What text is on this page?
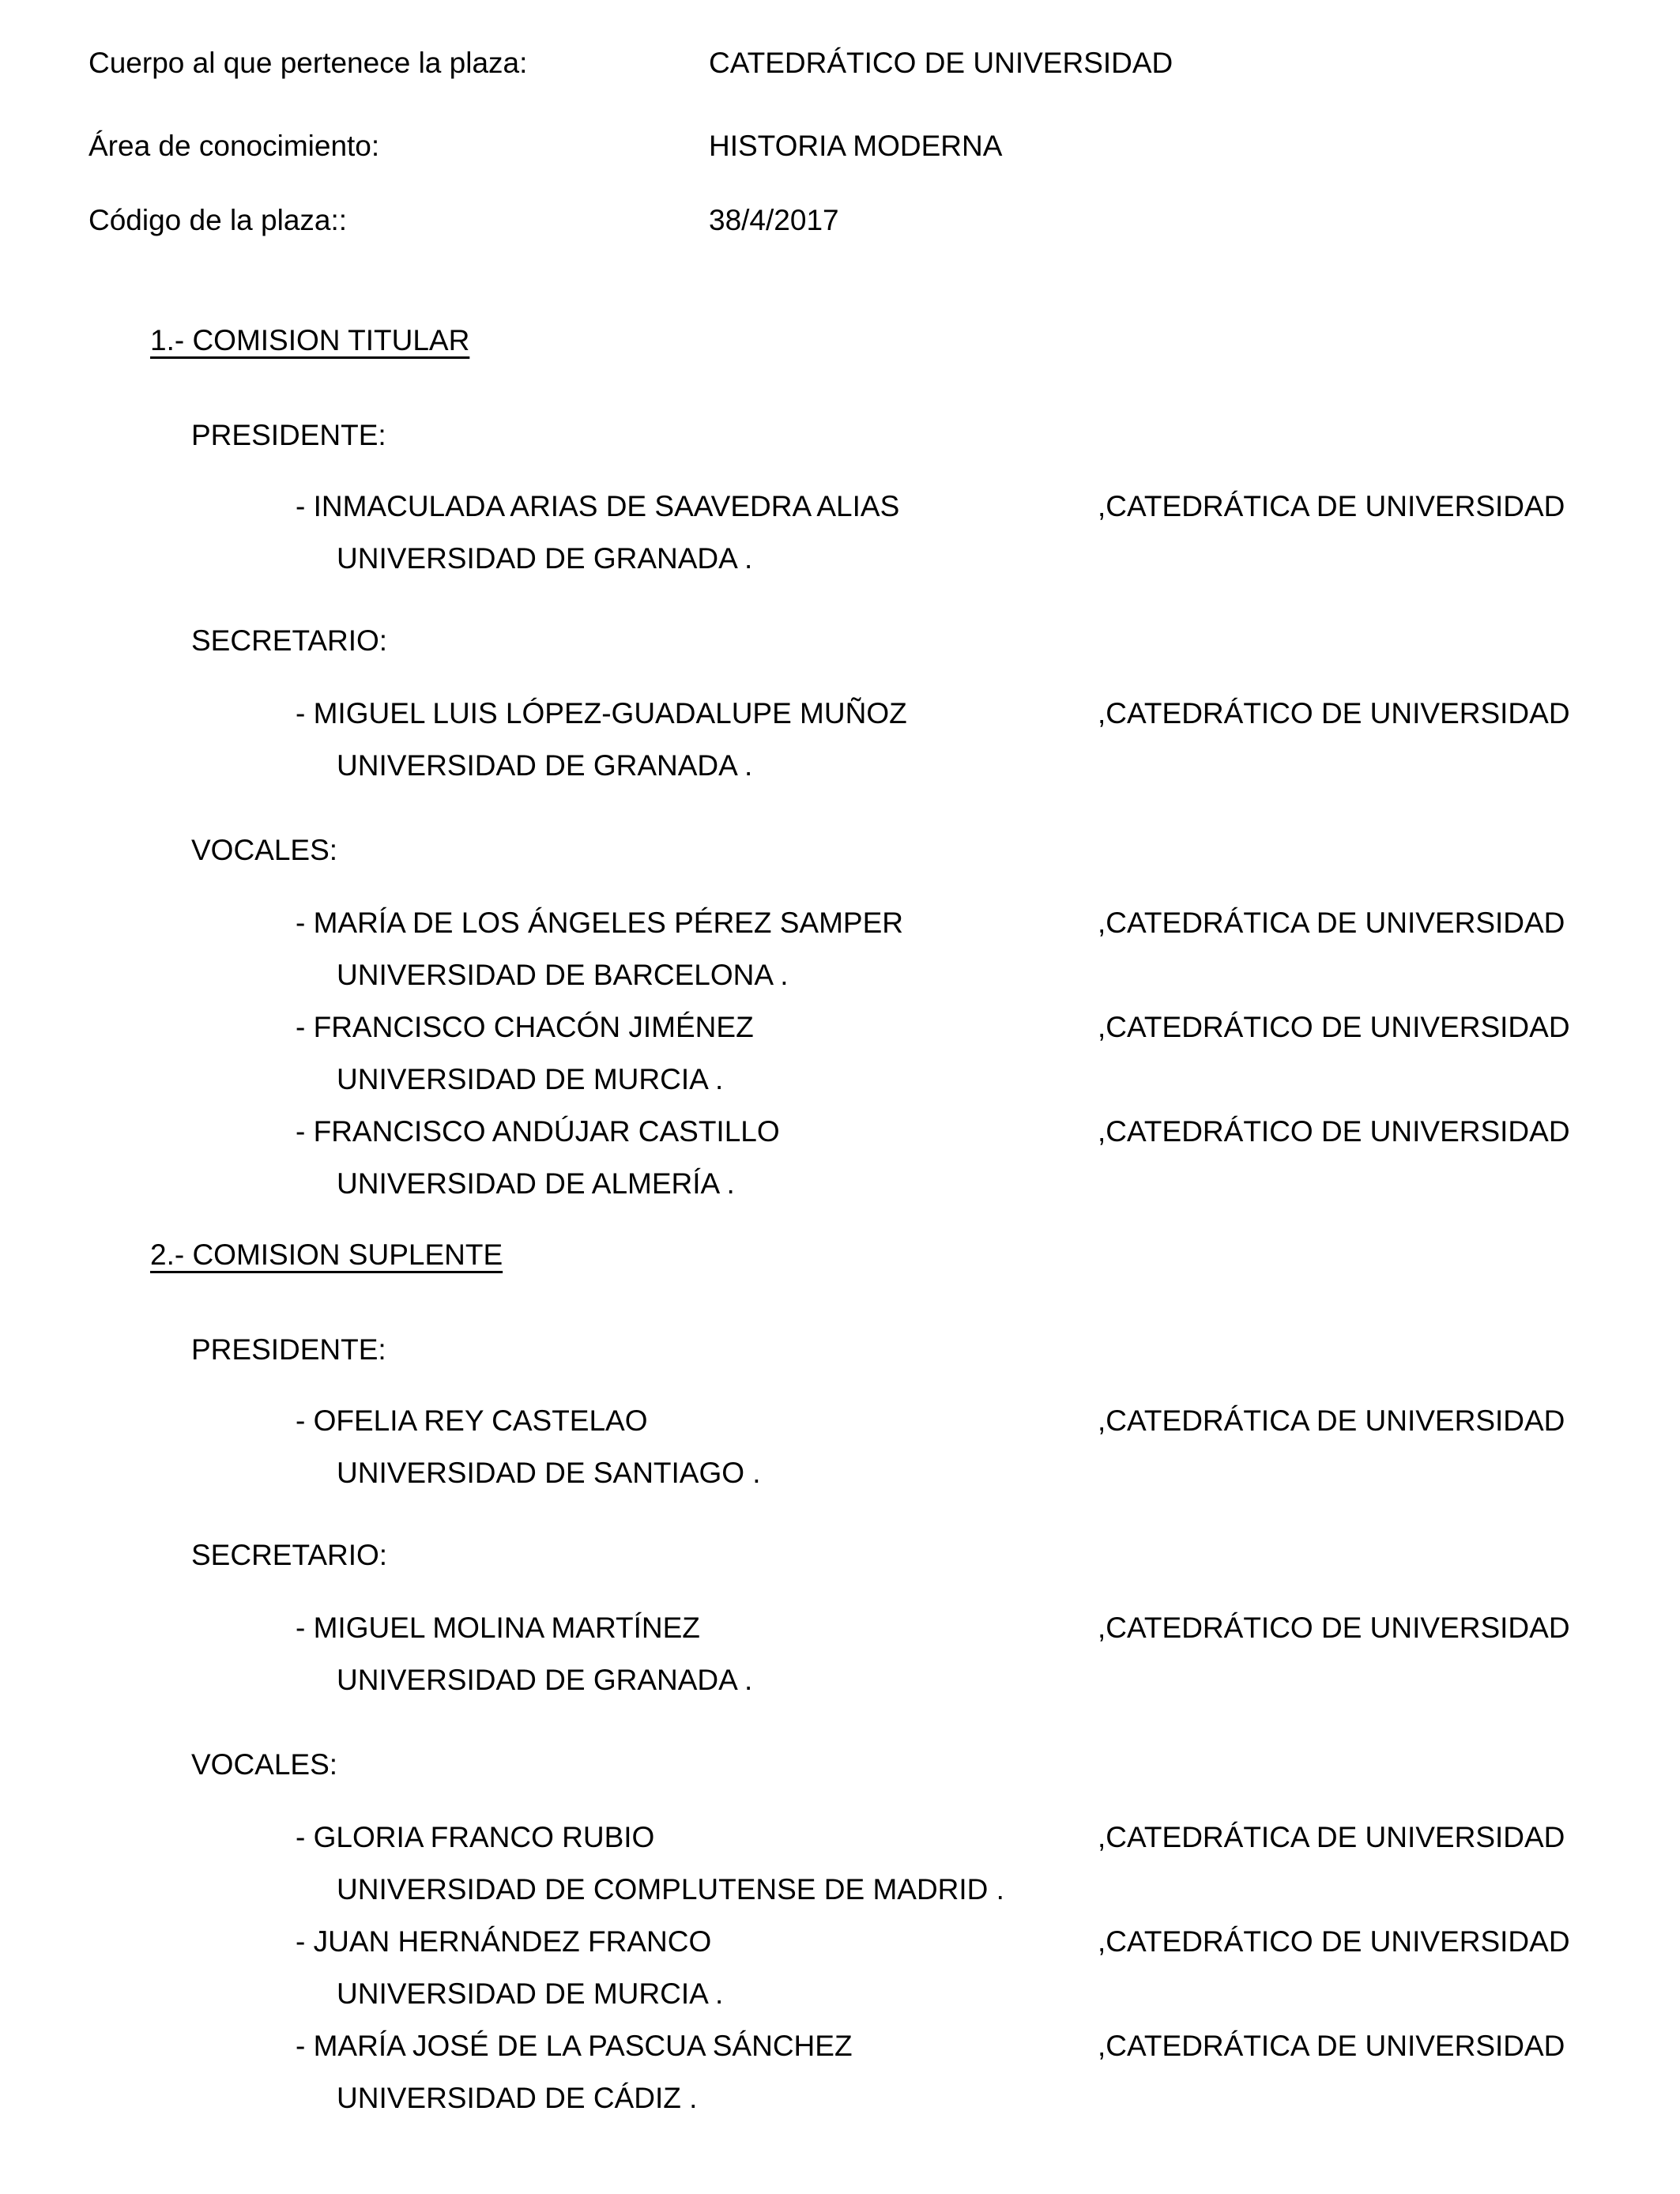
Cuerpo al que pertenece la plaza:	CATEDRÁTICO DE UNIVERSIDAD
Área de conocimiento:	HISTORIA MODERNA
Código de la plaza::	38/4/2017
1.- COMISION TITULAR
PRESIDENTE:
- INMACULADA ARIAS DE SAAVEDRA ALIAS	,CATEDRÁTICA DE UNIVERSIDAD
UNIVERSIDAD DE GRANADA .
SECRETARIO:
- MIGUEL LUIS LÓPEZ-GUADALUPE MUÑOZ	,CATEDRÁTICO DE UNIVERSIDAD
UNIVERSIDAD DE GRANADA .
VOCALES:
- MARÍA DE LOS ÁNGELES PÉREZ SAMPER	,CATEDRÁTICA DE UNIVERSIDAD
UNIVERSIDAD DE BARCELONA .
- FRANCISCO CHACÓN JIMÉNEZ	,CATEDRÁTICO DE UNIVERSIDAD
UNIVERSIDAD DE MURCIA .
- FRANCISCO ANDÚJAR CASTILLO	,CATEDRÁTICO DE UNIVERSIDAD
UNIVERSIDAD DE ALMERÍA .
2.- COMISION SUPLENTE
PRESIDENTE:
- OFELIA REY CASTELAO	,CATEDRÁTICA DE UNIVERSIDAD
UNIVERSIDAD DE SANTIAGO .
SECRETARIO:
- MIGUEL MOLINA MARTÍNEZ	,CATEDRÁTICO DE UNIVERSIDAD
UNIVERSIDAD DE GRANADA .
VOCALES:
- GLORIA FRANCO RUBIO	,CATEDRÁTICA DE UNIVERSIDAD
UNIVERSIDAD DE COMPLUTENSE DE MADRID .
- JUAN HERNÁNDEZ FRANCO	,CATEDRÁTICO DE UNIVERSIDAD
UNIVERSIDAD DE MURCIA .
- MARÍA JOSÉ DE LA PASCUA SÁNCHEZ	,CATEDRÁTICA DE UNIVERSIDAD
UNIVERSIDAD DE CÁDIZ .
